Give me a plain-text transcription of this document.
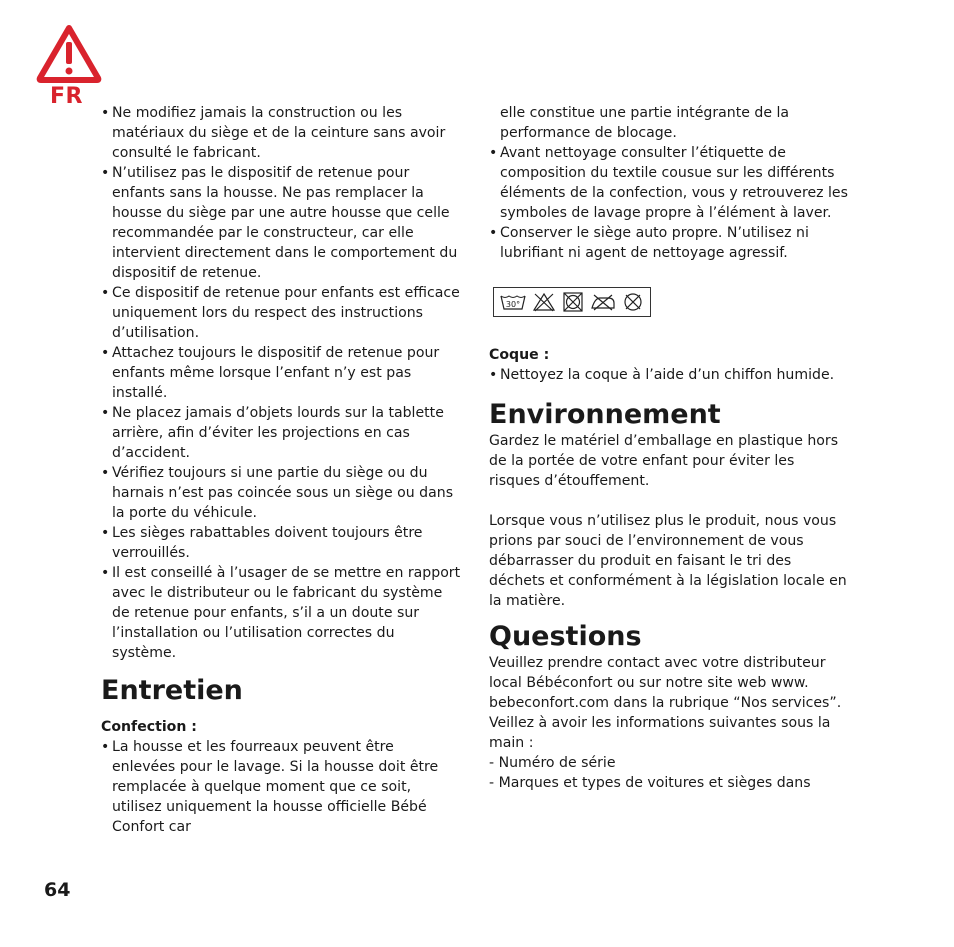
FR
• Ne modifiez jamais la construction ou les matériaux du siège et de la ceinture sans avoir consulté le fabricant.
• N’utilisez pas le dispositif de retenue pour enfants sans la housse. Ne pas remplacer la housse du siège par une autre housse que celle recommandée par le constructeur, car elle intervient directement dans le comportement du dispositif de retenue.
• Ce dispositif de retenue pour enfants est efficace uniquement lors du respect des instructions d’utilisation.
• Attachez toujours le dispositif de retenue pour enfants même lorsque l’enfant n’y est pas installé.
• Ne placez jamais d’objets lourds sur la tablette arrière, afin d’éviter les projections en cas d’accident.
• Vérifiez toujours si une partie du siège ou du harnais n’est pas coincée sous un siège ou dans la porte du véhicule.
• Les sièges rabattables doivent toujours être verrouillés.
• Il est conseillé à l’usager de se mettre en rapport avec le distributeur ou le fabricant du système de retenue pour enfants, s’il a un doute sur l’installation ou l’utilisation correctes du système.
Entretien

Confection :

• La housse et les fourreaux peuvent être enlevées pour le lavage. Si la housse doit être remplacée à quelque moment que ce soit, utilisez uniquement la housse officielle Bébé Confort car

elle constitue une partie intégrante de la performance de blocage.

• Avant nettoyage consulter l’étiquette de composition du textile cousue sur les différents éléments de la confection, vous y retrouverez les symboles de lavage propre à l’élément à laver.
• Conserver le siège auto propre. N’utilisez ni lubrifiant ni agent de nettoyage agressif.
30°

Coque :

• Nettoyez la coque à l’aide d’un chiffon humide.
Environnement

Gardez le matériel d’emballage en plastique hors de la portée de votre enfant pour éviter les risques d’étouffement.

Lorsque vous n’utilisez plus le produit, nous vous prions par souci de l’environnement de vous débarrasser du produit en faisant le tri des déchets et conformément à la législation locale en la matière.

Questions

Veuillez prendre contact avec votre distributeur local Bébéconfort ou sur notre site web www. bebeconfort.com dans la rubrique “Nos services”. Veillez à avoir les informations suivantes sous la main :

- Numéro de série

- Marques et types de voitures et sièges dans

64
